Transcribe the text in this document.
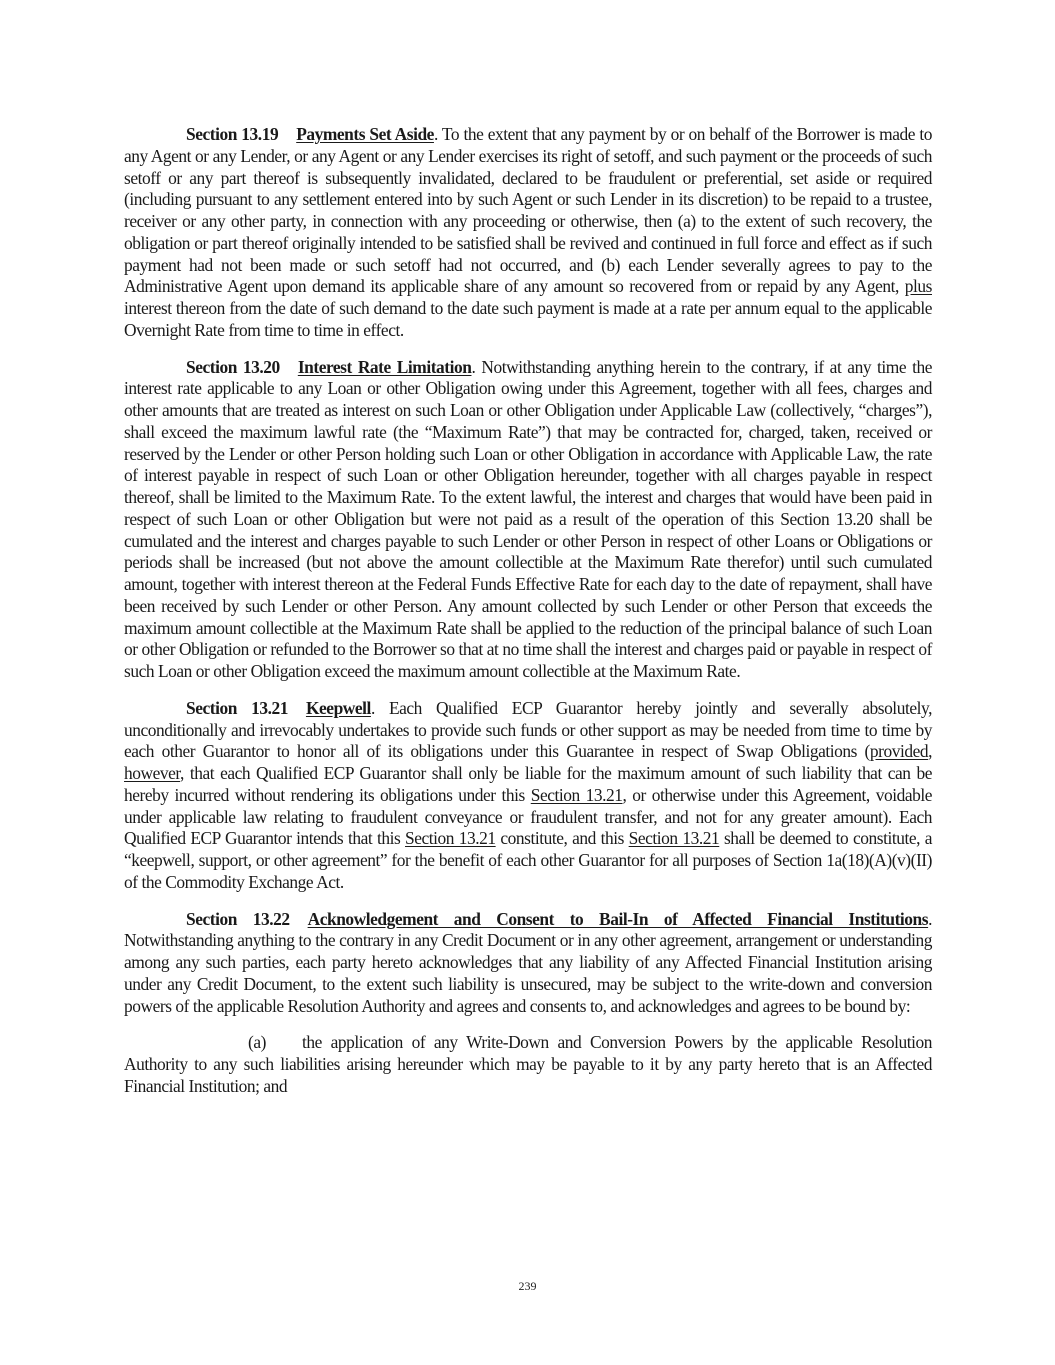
Section 13.19 Payments Set Aside. To the extent that any payment by or on behalf of the Borrower is made to any Agent or any Lender, or any Agent or any Lender exercises its right of setoff, and such payment or the proceeds of such setoff or any part thereof is subsequently invalidated, declared to be fraudulent or preferential, set aside or required (including pursuant to any settlement entered into by such Agent or such Lender in its discretion) to be repaid to a trustee, receiver or any other party, in connection with any proceeding or otherwise, then (a) to the extent of such recovery, the obligation or part thereof originally intended to be satisfied shall be revived and continued in full force and effect as if such payment had not been made or such setoff had not occurred, and (b) each Lender severally agrees to pay to the Administrative Agent upon demand its applicable share of any amount so recovered from or repaid by any Agent, plus interest thereon from the date of such demand to the date such payment is made at a rate per annum equal to the applicable Overnight Rate from time to time in effect.

Section 13.20 Interest Rate Limitation. Notwithstanding anything herein to the contrary, if at any time the interest rate applicable to any Loan or other Obligation owing under this Agreement, together with all fees, charges and other amounts that are treated as interest on such Loan or other Obligation under Applicable Law (collectively, “charges”), shall exceed the maximum lawful rate (the “Maximum Rate”) that may be contracted for, charged, taken, received or reserved by the Lender or other Person holding such Loan or other Obligation in accordance with Applicable Law, the rate of interest payable in respect of such Loan or other Obligation hereunder, together with all charges payable in respect thereof, shall be limited to the Maximum Rate. To the extent lawful, the interest and charges that would have been paid in respect of such Loan or other Obligation but were not paid as a result of the operation of this Section 13.20 shall be cumulated and the interest and charges payable to such Lender or other Person in respect of other Loans or Obligations or periods shall be increased (but not above the amount collectible at the Maximum Rate therefor) until such cumulated amount, together with interest thereon at the Federal Funds Effective Rate for each day to the date of repayment, shall have been received by such Lender or other Person. Any amount collected by such Lender or other Person that exceeds the maximum amount collectible at the Maximum Rate shall be applied to the reduction of the principal balance of such Loan or other Obligation or refunded to the Borrower so that at no time shall the interest and charges paid or payable in respect of such Loan or other Obligation exceed the maximum amount collectible at the Maximum Rate.

Section 13.21 Keepwell. Each Qualified ECP Guarantor hereby jointly and severally absolutely, unconditionally and irrevocably undertakes to provide such funds or other support as may be needed from time to time by each other Guarantor to honor all of its obligations under this Guarantee in respect of Swap Obligations (provided, however, that each Qualified ECP Guarantor shall only be liable for the maximum amount of such liability that can be hereby incurred without rendering its obligations under this Section 13.21, or otherwise under this Agreement, voidable under applicable law relating to fraudulent conveyance or fraudulent transfer, and not for any greater amount). Each Qualified ECP Guarantor intends that this Section 13.21 constitute, and this Section 13.21 shall be deemed to constitute, a “keepwell, support, or other agreement” for the benefit of each other Guarantor for all purposes of Section 1a(18)(A)(v)(II) of the Commodity Exchange Act.

Section 13.22 Acknowledgement and Consent to Bail-In of Affected Financial Institutions. Notwithstanding anything to the contrary in any Credit Document or in any other agreement, arrangement or understanding among any such parties, each party hereto acknowledges that any liability of any Affected Financial Institution arising under any Credit Document, to the extent such liability is unsecured, may be subject to the write-down and conversion powers of the applicable Resolution Authority and agrees and consents to, and acknowledges and agrees to be bound by:

(a) the application of any Write-Down and Conversion Powers by the applicable Resolution Authority to any such liabilities arising hereunder which may be payable to it by any party hereto that is an Affected Financial Institution; and

239
